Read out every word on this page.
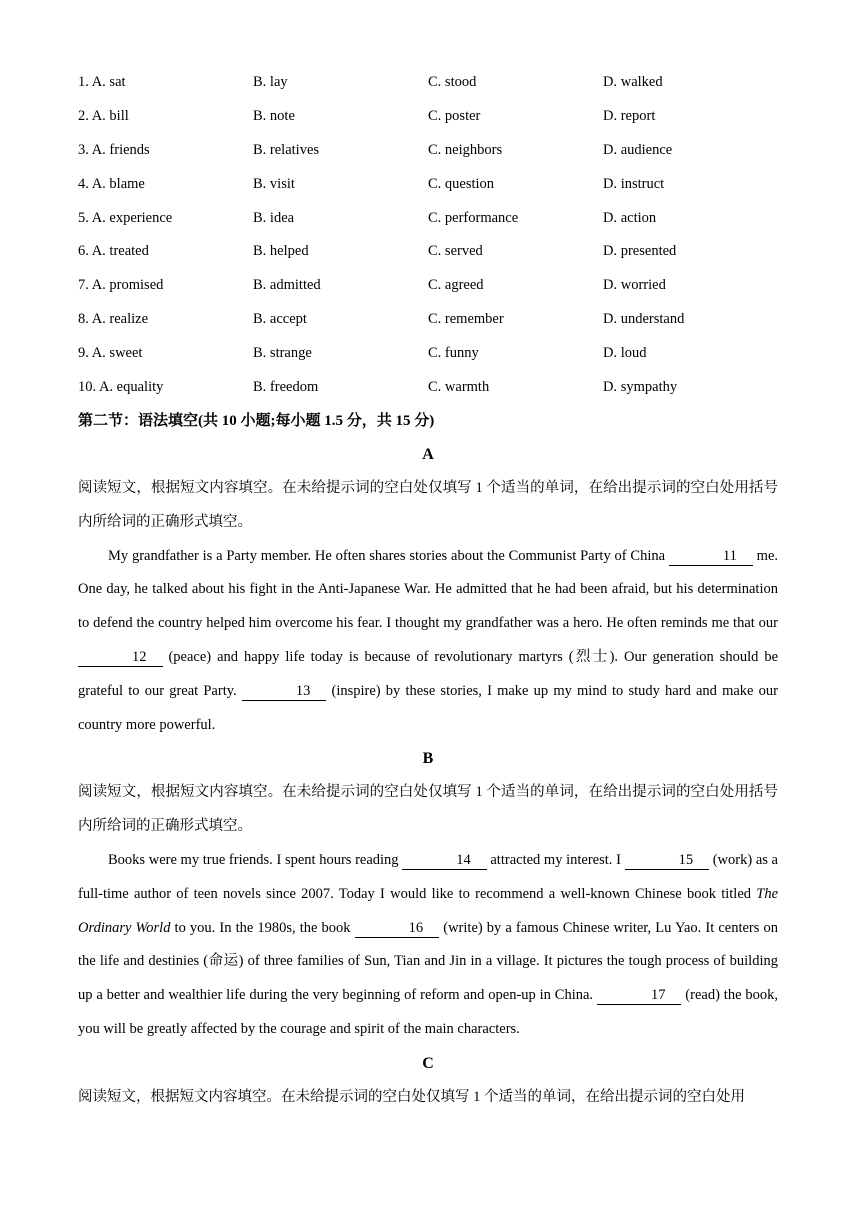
1. A. sat	B. lay	C. stood	D. walked
2. A. bill	B. note	C. poster	D. report
3. A. friends	B. relatives	C. neighbors	D. audience
4. A. blame	B. visit	C. question	D. instruct
5. A. experience	B. idea	C. performance	D. action
6. A. treated	B. helped	C. served	D. presented
7. A. promised	B. admitted	C. agreed	D. worried
8. A. realize	B. accept	C. remember	D. understand
9. A. sweet	B. strange	C. funny	D. loud
10. A. equality	B. freedom	C. warmth	D. sympathy
第二节：语法填空(共 10 小题;每小题 1.5 分，共 15 分)
A
阅读短文，根据短文内容填空。在未给提示词的空白处仅填写 1 个适当的单词，在给出提示词的空白处用括号内所给词的正确形式填空。
My grandfather is a Party member. He often shares stories about the Communist Party of China	11 me. One day, he talked about his fight in the Anti-Japanese War. He admitted that he had been afraid, but his determination to defend the country helped him overcome his fear. I thought my grandfather was a hero. He often reminds me that our 12 (peace) and happy life today is because of revolutionary martyrs (烈士). Our generation should be grateful to our great Party.	13 (inspire) by these stories, I make up my mind to study hard and make our country more powerful.
B
阅读短文，根据短文内容填空。在未给提示词的空白处仅填写 1 个适当的单词，在给出提示词的空白处用括号内所给词的正确形式填空。
Books were my true friends. I spent hours reading	14 attracted my interest. I	15 (work) as a full-time author of teen novels since 2007. Today I would like to recommend a well-known Chinese book titled The Ordinary World to you. In the 1980s, the book	16 (write) by a famous Chinese writer, Lu Yao. It centers on the life and destinies (命运) of three families of Sun, Tian and Jin in a village. It pictures the tough process of building up a better and wealthier life during the very beginning of reform and open-up in China.	17 (read) the book, you will be greatly affected by the courage and spirit of the main characters.
C
阅读短文，根据短文内容填空。在未给提示词的空白处仅填写 1 个适当的单词，在给出提示词的空白处用
